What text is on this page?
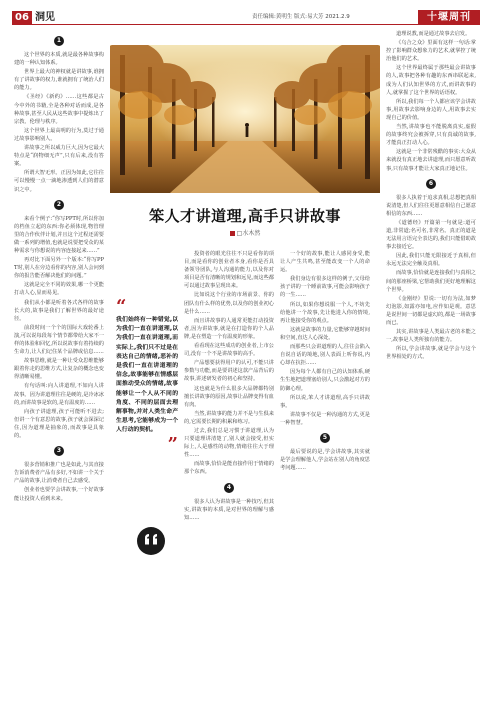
06 洞见	责任编辑:黄明生 版式:易大芳 2021.2.9	十堰周刊
1

这个世界的本质,就是最各种故事构建的一种认知体系。

世界上最大的神权就是讲故事,谁拥有了讲故事的权力,谁就拥有了统治人们的能力。

《圣经》《新约》……这些都是古今中外的书籍,全是各种对话而成,是各种故事,甚至人民从这些故事中提炼出了宗教、伦理与秩序。

这个世界上最高明的行为,莫过于通过故事影响别人。

讲故事之所以威力巨大,因为它最大特点是“润物细无声”,只有后来,没有答案。

所谓大智无形。正因为如此,它往往可以慢慢一点一滴地渗透到人们的潜意识之中。

2

来看个例子:“你写PPT时,所以你加的档鱼立起的东西:你必须体现,物管理里的合作伙伴计划,并且这个过程还需要做一系列的增值,也就是说要把受众的某种需求与你想说的内容连接起来……”

再对比下面另外一个版本:“你写PPT时,别人在旁边看你的内容,别人会问到你的报告能否解决他们的问题。”

这就是完全不同的效果,哪一个更能打动人心,显而易见。

我们从小都是听着各式各样的故事长大的,故事是我们了解世界的最好途径。

前段时间一个个的国际大戏轮番上演,可以说每段每个情节都带给大家不一样的体验和回忆,所以说故事有着持续的生命力,让人们记住某个品牌或信息……

故事思维,就是一种让受众思维能够跟着你走的思维方式,让复杂的概念也变得清晰易懂。

有句话叫:向人讲道理,不如向人讲故事。因为讲道理往往是硬的,是冷冰冰的,而讲故事是软的,是有温度的……

向孩子讲道理,孩子可能听不进去;但讲一个有意思的故事,孩子就会深深记住,因为道理是抽象的,而故事是具象的。

3

很多营销和推广也是如此,与其直接告诉消费者产品有多好,不如讲一个关于产品的故事,让消费者自己去感受。

创业者也要学会讲故事,一个好故事能让投资人看到未来。

笨人才讲道理,高手只讲故事
□水木然
“
我们始终有一种错觉,以为我们一直在讲道理,以为我们一直在讲道理,而实际上,我们只不过是在表达自己的情绪,恶补的是我们一直在讲道理的信念,故事能够在情感层面推动受众的情绪,故事能够让一个人从不同的角度、不同的层面去理解事物,并对人类生命产生思考,它能够成为一个人行动的契机。
”

投资者的眼光往往不只是看你的项目,而是看你的创业者本身,看你是否具备领导团队,与人沟通的能力,以及你对项目是否有清晰的规划和远见,而这些都可以通过故事呈现出来。

比如说这个行业的市场前景、你的团队有什么样的优势,以及你的创业初心是什么……

而且讲故事的人通常更能打动投资者,因为讲故事,就是在打造你的个人品牌,是在塑造一个有温度的形象。

看看现在这些成功的创业者,上市公司,没有一个不是讲故事的高手。

产品想要获得用户的认可,不能只讲参数与功能,而是要讲述这款产品背后的故事,讲述研发者的初心和坚持。

这也就是为什么很多大品牌都特别擅长讲故事的原因,故事让品牌变得有血有肉。

当然,讲故事的能力并不是与生俱来的,它需要长期的积累和练习。

过去,我们总是习惯于讲道理,认为只要道理讲清楚了,别人就会接受,但实际上,人是感性的动物,情绪往往大于理性……

而故事,恰恰是能直接作用于情绪的那个东西。

4

很多人认为讲故事是一种技巧,但其实,讲故事的本质,是对世界的理解与感知……

一个好的故事,能让人感同身受,能让人产生共鸣,甚至能改变一个人的命运。

我们身边有很多这样的例子,父母给孩子讲的一个睡前故事,可能会影响孩子的一生……

所以,如果你想说服一个人,不妨先给他讲一个故事,先让他进入你的情境,再让他接受你的观点。

这就是故事的力量,它能够穿越时间和空间,直达人心深处。

而那些只会讲道理的人,往往会陷入自说自话的境地,别人表面上听你说,内心却在抗拒……

因为每个人都有自己的认知体系,硬生生地把道理塞给别人,只会激起对方的防御心理。

所以说,笨人才讲道理,高手只讲故事。

讲故事不仅是一种沟通的方式,更是一种智慧。

5

最后要说的是,学会讲故事,其实就是学会理解他人,学会站在别人的角度思考问题……

道理说教,而是通过故事去启发。

《乌合之众》里面有这样一句话:掌控了影响群众想象力的艺术,就掌控了统治他们的艺术。

这个世界最终属于那些最会讲故事的人,故事把各种有趣的东西串联起来,成为人们认知世界的方式,而讲故事的人,就掌握了这个世界的话语权。

所以,我们每一个人都应该学会讲故事,用故事去影响身边的人,用故事去实现自己的价值。

当然,讲故事也不能脱离真实,虚假的故事终究会被拆穿,只有真诚的故事,才能真正打动人心。

这就是一个非常残酷的事实:大众从来就没有真正地去讲道理,而只愿意听故事,只有故事才能让大家真正地记住。

6

很多人执着于追求真相,总想把真相说清楚,但人们往往更愿意相信自己愿意相信的东西……

《道德经》开篇第一句就是:道可道,非常道;名可名,非常名。真正的道是无法用言语完全表达的,我们只能借助故事去接近它。

因此,我们只能无限接近于真相,但永远无法完全触及真相。

而故事,恰恰就是连接我们与真相之间的那座桥梁,它帮助我们更好地理解这个世界。

《金刚经》里说:一切有为法,如梦幻泡影,如露亦如电,应作如是观。意思是说世间一切都是虚幻的,都是一场故事而已。

其实,讲故事是人类最古老的本能之一,故事是人类所独有的能力。

所以,学会讲故事,就是学会与这个世界相处的方式。
